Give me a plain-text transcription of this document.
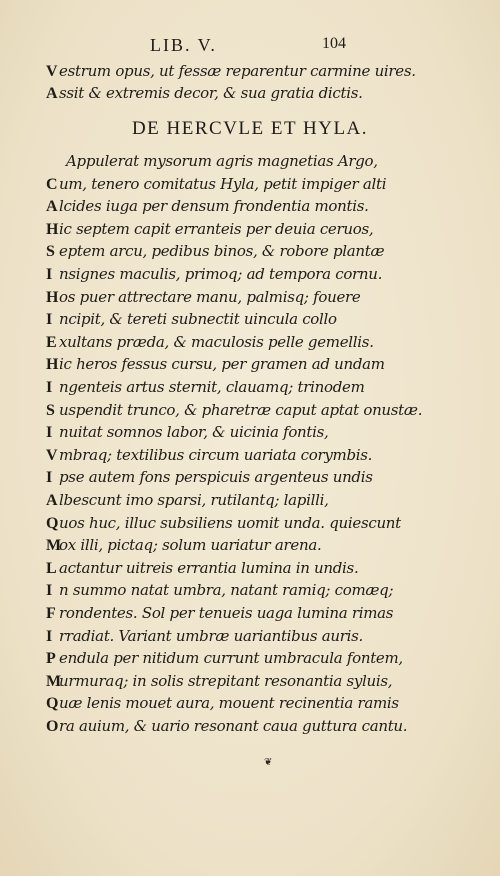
LIB. V.	104
V estrum opus, ut fessæ reparentur carmine uires.
A ssit & extremis decor, & sua gratia dictis.
DE HERCVLE ET HYLA.
Appulerat mysorum agris magnetias Argo,
C um, tenero comitatus Hyla, petit impiger alti
A lcides iuga per densum frondentia montis.
Hic septem capit erranteis per deuia ceruos,
S eptem arcu, pedibus binos, & robore plantæ
I nsignes maculis, primoq; ad tempora cornu.
Hos puer attrectare manu, palmisq; fouere
I ncipit, & tereti subnectit uincula collo
E xultans præda, & maculosis pelle gemellis.
Hic heros fessus cursu, per gramen ad undam
I ngenteis artus sternit, clauamq; trinodem
S uspendit trunco, & pharetræ caput aptat onustæ.
I nuitat somnos labor, & uicinia fontis,
V mbraq; textilibus circum uariata corymbis.
I pse autem fons perspicuis argenteus undis
A lbescunt imo sparsi, rutilantq; lapilli,
Quos huc, illuc subsiliens uomit unda. quiescunt
Mox illi, pictaq; solum uariatur arena.
L actantur uitreis errantia lumina in undis.
I n summo natat umbra, natant ramiq; comæq;
F rondentes. Sol per tenueis uaga lumina rimas
I rradiat. Variant umbræ uariantibus auris.
P endula per nitidum currunt umbracula fontem,
Murmuraq; in solis strepitant resonantia syluis,
Quæ lenis mouet aura, mouent recinentia ramis
Ora auium, & uario resonant caua guttura cantu.
❦
